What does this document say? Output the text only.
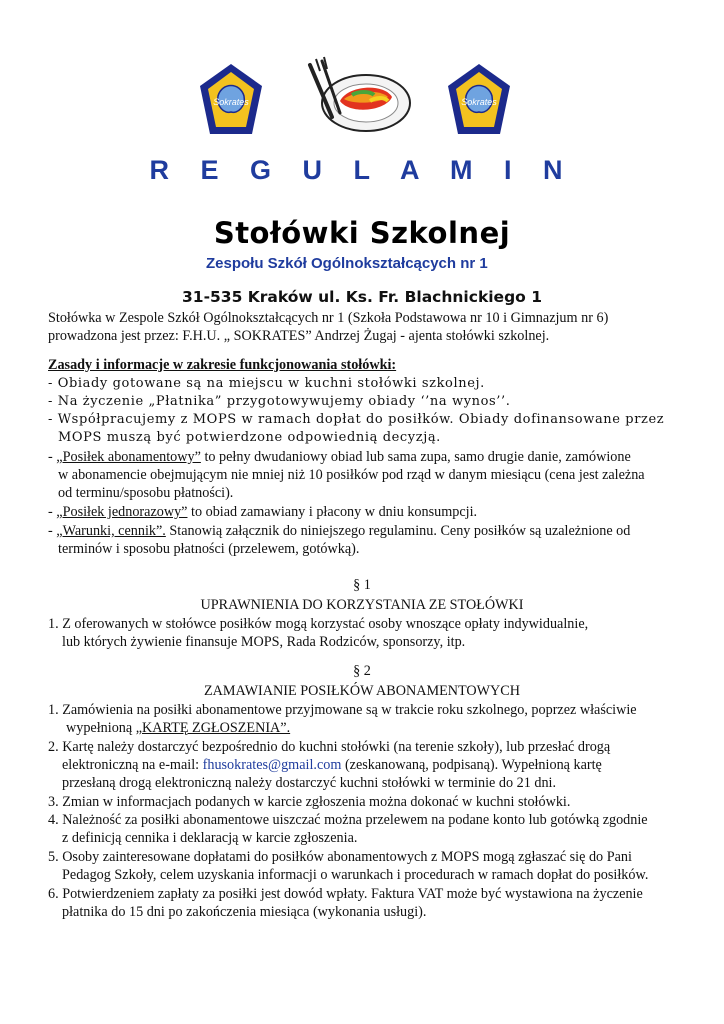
Sokrates	Sokrates
R E G U L A M I N
Stołówki Szkolnej
Zespołu Szkół Ogólnokształcących nr 1
31-535 Kraków ul. Ks. Fr. Blachnickiego 1
Stołówka w Zespole Szkół Ogólnokształcących nr 1 (Szkoła Podstawowa nr 10 i Gimnazjum nr 6)
prowadzona jest przez: F.H.U. „ SOKRATES” Andrzej Żugaj - ajenta stołówki szkolnej.
Zasady i informacje w zakresie funkcjonowania stołówki:
- Obiady gotowane są na miejscu w kuchni stołówki szkolnej.
- Na życzenie „Płatnika” przygotowywujemy obiady ‘’na wynos’’.
- Współpracujemy z MOPS w ramach dopłat do posiłków. Obiady dofinansowane przez
MOPS muszą być potwierdzone odpowiednią decyzją.
- „Posiłek abonamentowy” to pełny dwudaniowy obiad lub sama zupa, samo drugie danie, zamówione
w abonamencie obejmującym nie mniej niż 10 posiłków pod rząd w danym miesiącu (cena jest zależna
od terminu/sposobu płatności).
- „Posiłek jednorazowy” to obiad zamawiany i płacony w dniu konsumpcji.
- „Warunki, cennik”. Stanowią załącznik do niniejszego regulaminu. Ceny posiłków są uzależnione od
terminów i sposobu płatności (przelewem, gotówką).
§ 1
UPRAWNIENIA DO KORZYSTANIA ZE STOŁÓWKI
1. Z oferowanych w stołówce posiłków mogą korzystać osoby wnoszące opłaty indywidualnie,
lub których żywienie finansuje MOPS, Rada Rodziców, sponsorzy, itp.
§ 2
ZAMAWIANIE POSIŁKÓW ABONAMENTOWYCH
1. Zamówienia na posiłki abonamentowe przyjmowane są w trakcie roku szkolnego, poprzez właściwie
wypełnioną „KARTĘ ZGŁOSZENIA”.
2. Kartę należy dostarczyć bezpośrednio do kuchni stołówki (na terenie szkoły), lub przesłać drogą
elektroniczną na e-mail: fhusokrates@gmail.com (zeskanowaną, podpisaną). Wypełnioną kartę
przesłaną drogą elektroniczną należy dostarczyć kuchni stołówki w terminie do 21 dni.
3. Zmian w informacjach podanych w karcie zgłoszenia można dokonać w kuchni stołówki.
4. Należność za posiłki abonamentowe uiszczać można przelewem na podane konto lub gotówką zgodnie
z definicją cennika i deklaracją w karcie zgłoszenia.
5. Osoby zainteresowane dopłatami do posiłków abonamentowych z MOPS mogą zgłaszać się do Pani
Pedagog Szkoły, celem uzyskania informacji o warunkach i procedurach w ramach dopłat do posiłków.
6. Potwierdzeniem zapłaty za posiłki jest dowód wpłaty. Faktura VAT może być wystawiona na życzenie
płatnika do 15 dni po zakończenia miesiąca (wykonania usługi).
